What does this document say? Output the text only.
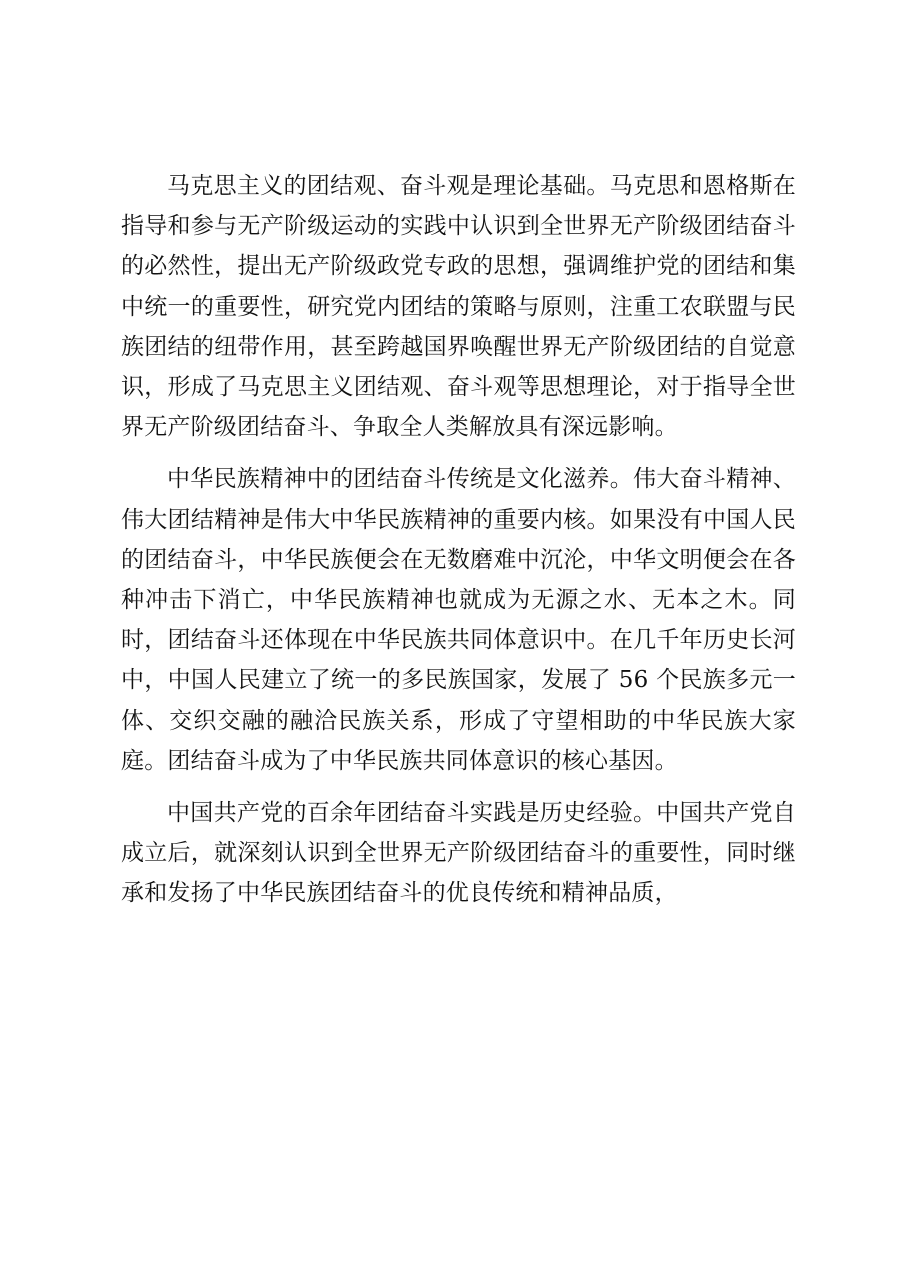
马克思主义的团结观、奋斗观是理论基础。马克思和恩格斯在指导和参与无产阶级运动的实践中认识到全世界无产阶级团结奋斗的必然性，提出无产阶级政党专政的思想，强调维护党的团结和集中统一的重要性，研究党内团结的策略与原则，注重工农联盟与民族团结的纽带作用，甚至跨越国界唤醒世界无产阶级团结的自觉意识，形成了马克思主义团结观、奋斗观等思想理论，对于指导全世界无产阶级团结奋斗、争取全人类解放具有深远影响。

中华民族精神中的团结奋斗传统是文化滋养。伟大奋斗精神、伟大团结精神是伟大中华民族精神的重要内核。如果没有中国人民的团结奋斗，中华民族便会在无数磨难中沉沦，中华文明便会在各种冲击下消亡，中华民族精神也就成为无源之水、无本之木。同时，团结奋斗还体现在中华民族共同体意识中。在几千年历史长河中，中国人民建立了统一的多民族国家，发展了 56 个民族多元一体、交织交融的融洽民族关系，形成了守望相助的中华民族大家庭。团结奋斗成为了中华民族共同体意识的核心基因。

中国共产党的百余年团结奋斗实践是历史经验。中国共产党自成立后，就深刻认识到全世界无产阶级团结奋斗的重要性，同时继承和发扬了中华民族团结奋斗的优良传统和精神品质，
